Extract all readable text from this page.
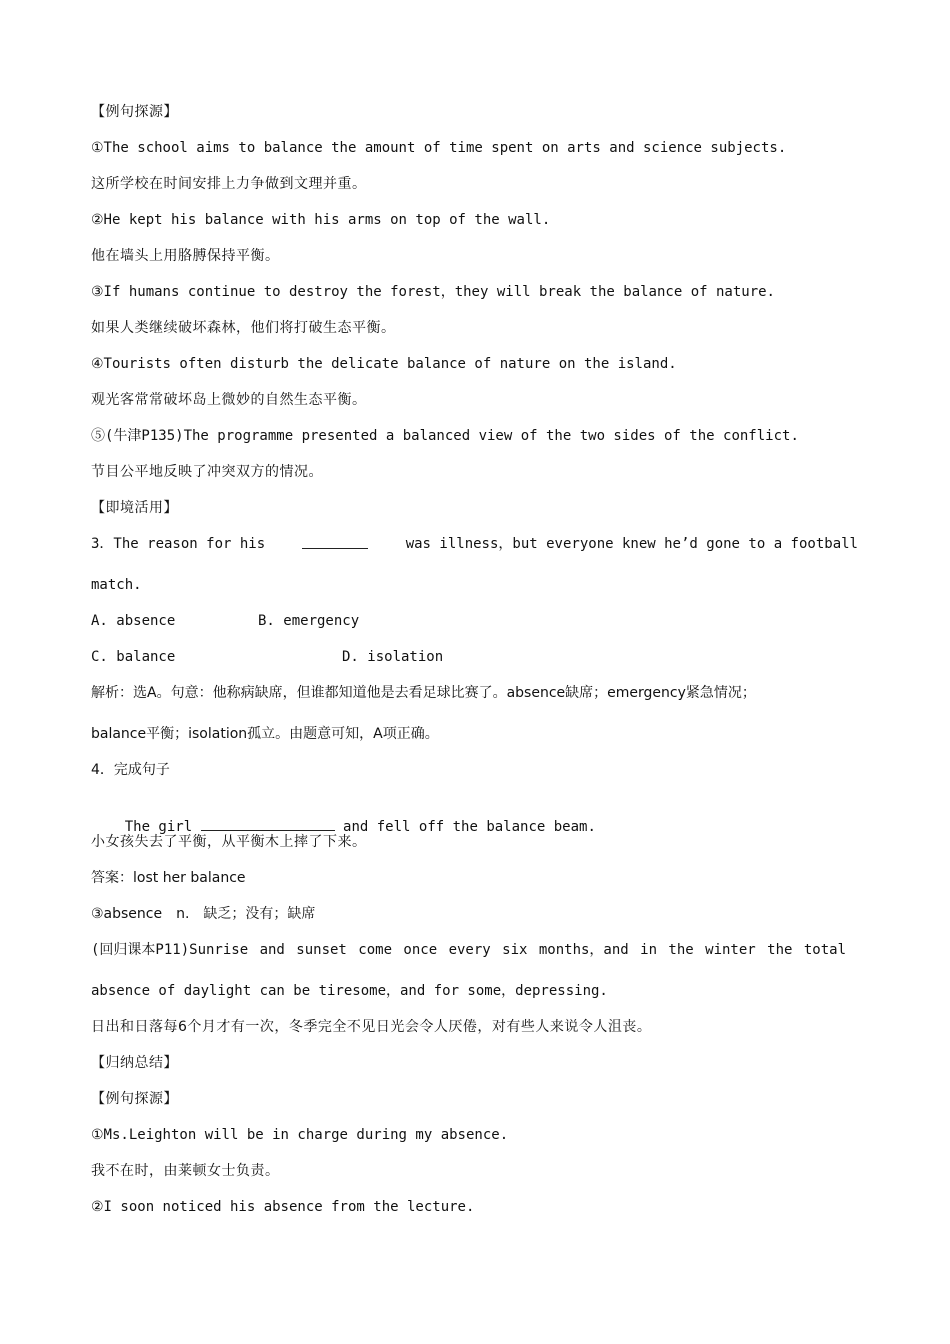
【例句探源】
①The school aims to balance the amount of time spent on arts and science subjects.
这所学校在时间安排上力争做到文理并重。
②He kept his balance with his arms on top of the wall.
他在墙头上用胳膊保持平衡。
③If humans continue to destroy the forest，they will break the balance of nature.
如果人类继续破坏森林，他们将打破生态平衡。
④Tourists often disturb the delicate balance of nature on the island.
观光客常常破坏岛上微妙的自然生态平衡。
⑤(牛津P135)The programme presented a balanced view of the two sides of the conflict.
节目公平地反映了冲突双方的情况。
【即境活用】
3．The reason for his	was illness，but everyone knew he’d gone to a football
match.
A. absence	B. emergency
C. balance	D. isolation
解析：选A。句意：他称病缺席，但谁都知道他是去看足球比赛了。absence缺席；emergency紧急情况；
balance平衡；isolation孤立。由题意可知，A项正确。
4．完成句子

The girl	and fell off the balance beam.

小女孩失去了平衡，从平衡木上摔了下来。
答案：lost her balance
③absence　n.　缺乏；没有；缺席
(回归课本P11)Sunrise and sunset come once every six months，and in the winter the total
absence of daylight can be tiresome，and for some，depressing.
日出和日落每6个月才有一次，冬季完全不见日光会令人厌倦，对有些人来说令人沮丧。
【归纳总结】
【例句探源】
①Ms.Leighton will be in charge during my absence.
我不在时，由莱顿女士负责。
②I soon noticed his absence from the lecture.
